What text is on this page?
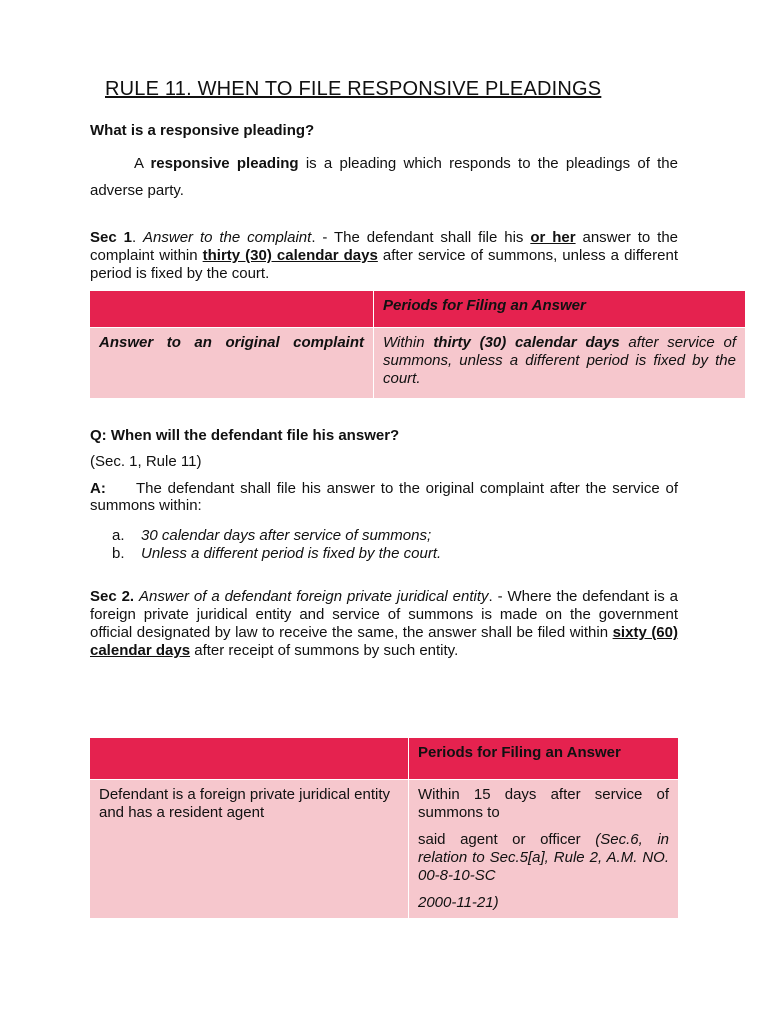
RULE 11. WHEN TO FILE RESPONSIVE PLEADINGS
What is a responsive pleading?
A responsive pleading is a pleading which responds to the pleadings of the adverse party.
Sec 1. Answer to the complaint. - The defendant shall file his or her answer to the complaint within thirty (30) calendar days after service of summons, unless a different period is fixed by the court.
	Periods for Filing an Answer
Answer to an original complaint	Within thirty (30) calendar days after service of summons, unless a different period is fixed by the court.
Q: When will the defendant file his answer?
(Sec. 1, Rule 11)
A: The defendant shall file his answer to the original complaint after the service of summons within:
a. 30 calendar days after service of summons;
b. Unless a different period is fixed by the court.
Sec 2. Answer of a defendant foreign private juridical entity. - Where the defendant is a foreign private juridical entity and service of summons is made on the government official designated by law to receive the same, the answer shall be filed within sixty (60) calendar days after receipt of summons by such entity.
	Periods for Filing an Answer
Defendant is a foreign private juridical entity and has a resident agent	Within 15 days after service of summons to

said agent or officer (Sec.6, in relation to Sec.5[a], Rule 2, A.M. NO. 00-8-10-SC

2000-11-21)
